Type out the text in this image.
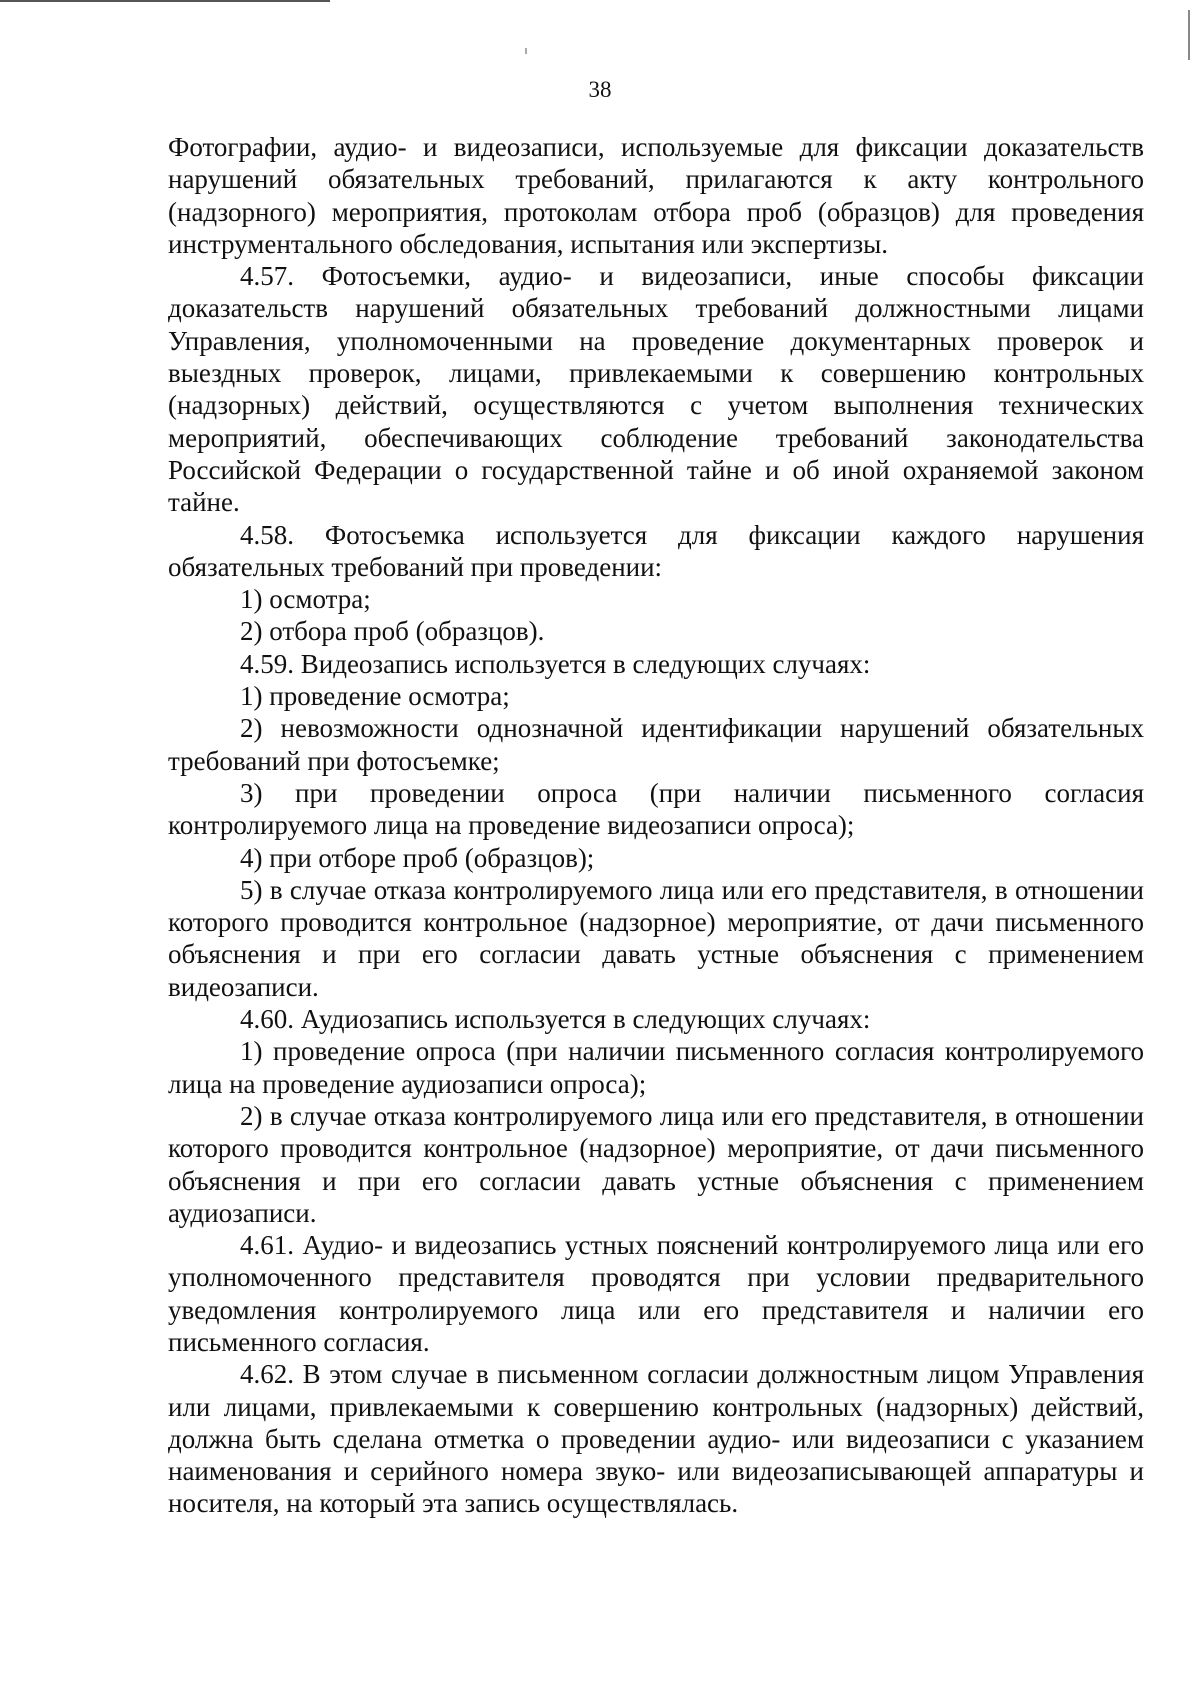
38

Фотографии, аудио- и видеозаписи, используемые для фиксации доказательств нарушений обязательных требований, прилагаются к акту контрольного (надзорного) мероприятия, протоколам отбора проб (образцов) для проведения инструментального обследования, испытания или экспертизы.

4.57. Фотосъемки, аудио- и видеозаписи, иные способы фиксации доказательств нарушений обязательных требований должностными лицами Управления, уполномоченными на проведение документарных проверок и выездных проверок, лицами, привлекаемыми к совершению контрольных (надзорных) действий, осуществляются с учетом выполнения технических мероприятий, обеспечивающих соблюдение требований законодательства Российской Федерации о государственной тайне и об иной охраняемой законом тайне.

4.58. Фотосъемка используется для фиксации каждого нарушения обязательных требований при проведении:

1) осмотра;

2) отбора проб (образцов).

4.59. Видеозапись используется в следующих случаях:

1) проведение осмотра;

2) невозможности однозначной идентификации нарушений обязательных требований при фотосъемке;

3) при проведении опроса (при наличии письменного согласия контролируемого лица на проведение видеозаписи опроса);

4) при отборе проб (образцов);

5) в случае отказа контролируемого лица или его представителя, в отношении которого проводится контрольное (надзорное) мероприятие, от дачи письменного объяснения и при его согласии давать устные объяснения с применением видеозаписи.

4.60. Аудиозапись используется в следующих случаях:

1) проведение опроса (при наличии письменного согласия контролируемого лица на проведение аудиозаписи опроса);

2) в случае отказа контролируемого лица или его представителя, в отношении которого проводится контрольное (надзорное) мероприятие, от дачи письменного объяснения и при его согласии давать устные объяснения с применением аудиозаписи.

4.61. Аудио- и видеозапись устных пояснений контролируемого лица или его уполномоченного представителя проводятся при условии предварительного уведомления контролируемого лица или его представителя и наличии его письменного согласия.

4.62. В этом случае в письменном согласии должностным лицом Управления или лицами, привлекаемыми к совершению контрольных (надзорных) действий, должна быть сделана отметка о проведении аудио- или видеозаписи с указанием наименования и серийного номера звуко- или видеозаписывающей аппаратуры и носителя, на который эта запись осуществлялась.
